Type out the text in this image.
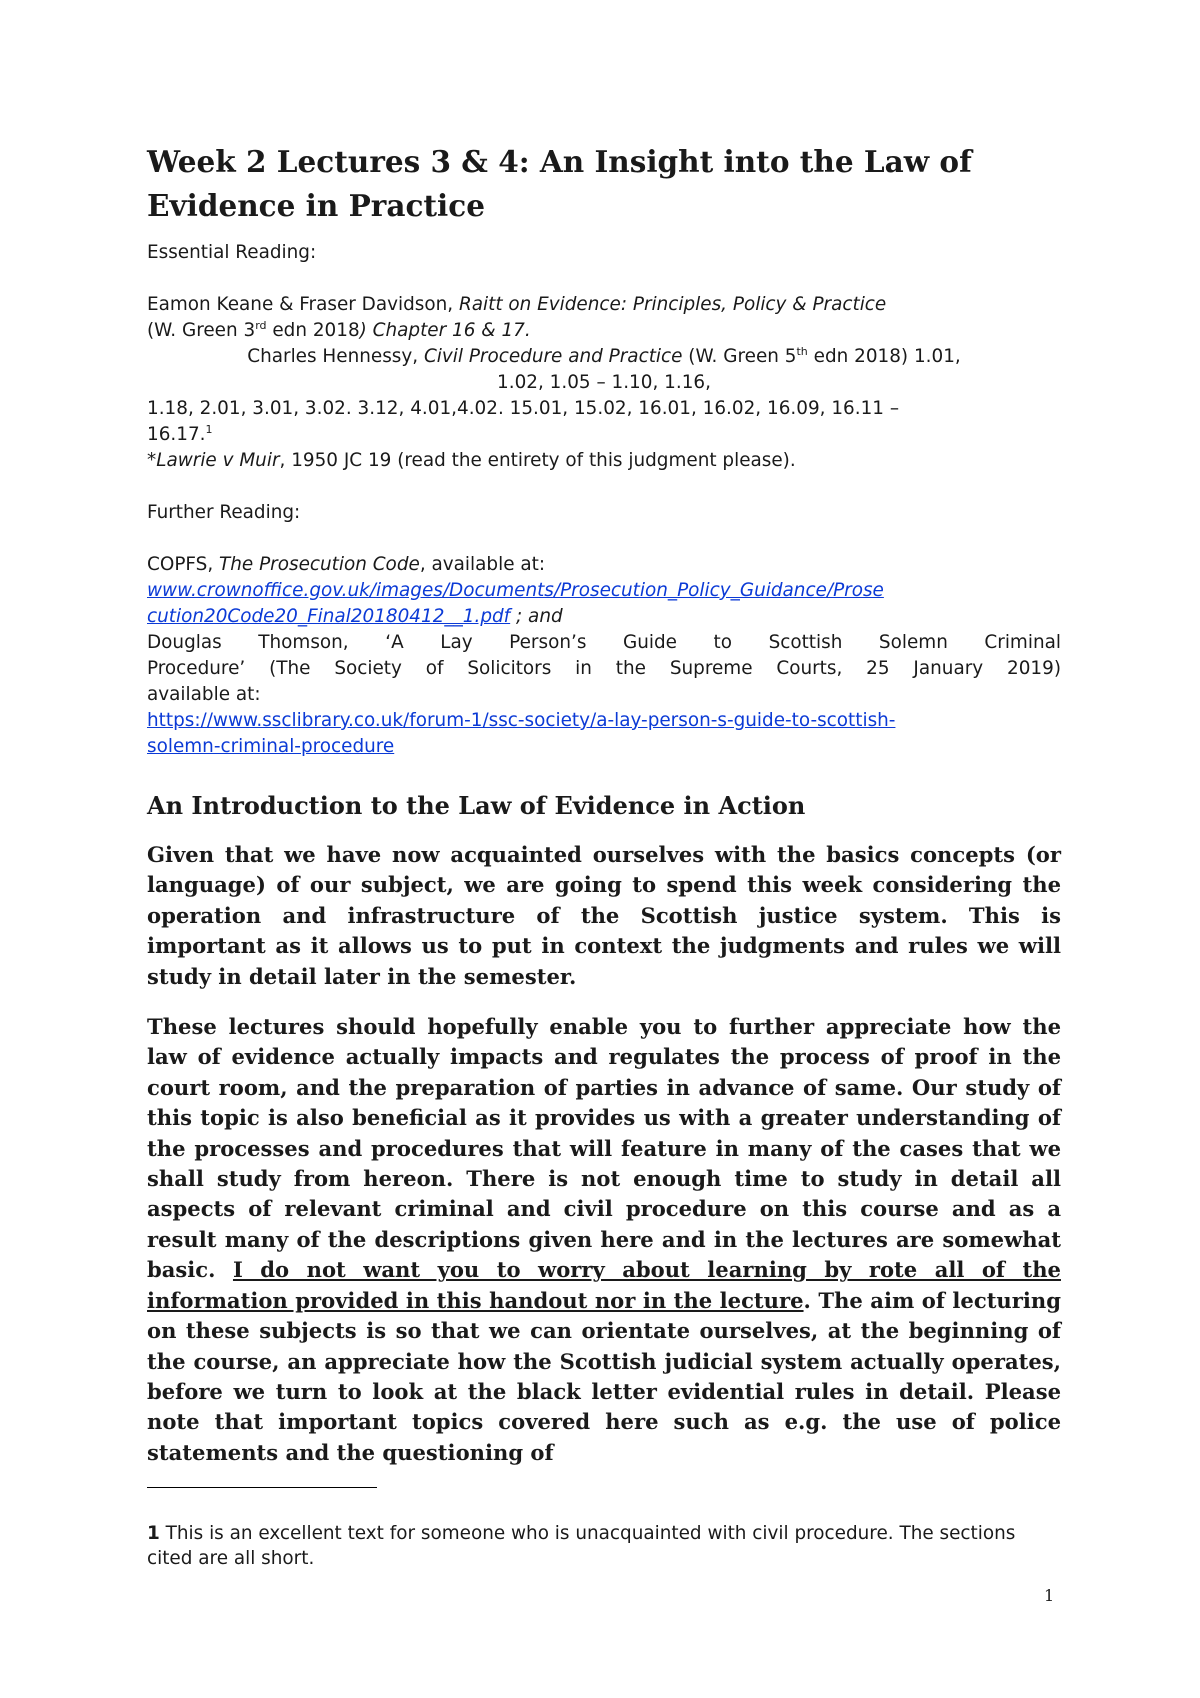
Week 2 Lectures 3 & 4: An Insight into the Law of Evidence in Practice

Essential Reading:

Eamon Keane & Fraser Davidson, Raitt on Evidence: Principles, Policy & Practice
(W. Green 3rd edn 2018) Chapter 16 & 17.

Charles Hennessy, Civil Procedure and Practice (W. Green 5th edn 2018) 1.01,
1.02, 1.05 – 1.10, 1.16,

1.18, 2.01, 3.01, 3.02. 3.12, 4.01,4.02. 15.01, 15.02, 16.01, 16.02, 16.09, 16.11 –
16.17.$^1$

*Lawrie v Muir, 1950 JC 19 (read the entirety of this judgment please).

Further Reading:

COPFS, The Prosecution Code, available at:
www.crownoffice.gov.uk/images/Documents/Prosecution_Policy_Guidance/Prose
cution20Code20_Final20180412__1.pdf ; and

Douglas Thomson, ‘A Lay Person’s Guide to Scottish Solemn Criminal
Procedure’ (The Society of Solicitors in the Supreme Courts, 25 January 2019)
available at:
https://www.ssclibrary.co.uk/forum-1/ssc-society/a-lay-person-s-guide-to-scottish-
solemn-criminal-procedure

An Introduction to the Law of Evidence in Action

Given that we have now acquainted ourselves with the basics concepts (or language) of our subject, we are going to spend this week considering the operation and infrastructure of the Scottish justice system. This is important as it allows us to put in context the judgments and rules we will study in detail later in the semester.

These lectures should hopefully enable you to further appreciate how the law of evidence actually impacts and regulates the process of proof in the court room, and the preparation of parties in advance of same. Our study of this topic is also beneficial as it provides us with a greater understanding of the processes and procedures that will feature in many of the cases that we shall study from hereon. There is not enough time to study in detail all aspects of relevant criminal and civil procedure on this course and as a result many of the descriptions given here and in the lectures are somewhat basic. I do not want you to worry about learning by rote all of the information provided in this handout nor in the lecture. The aim of lecturing on these subjects is so that we can orientate ourselves, at the beginning of the course, an appreciate how the Scottish judicial system actually operates, before we turn to look at the black letter evidential rules in detail. Please note that important topics covered here such as e.g. the use of police statements and the questioning of

1 This is an excellent text for someone who is unacquainted with civil procedure. The sections cited are all short.

1
